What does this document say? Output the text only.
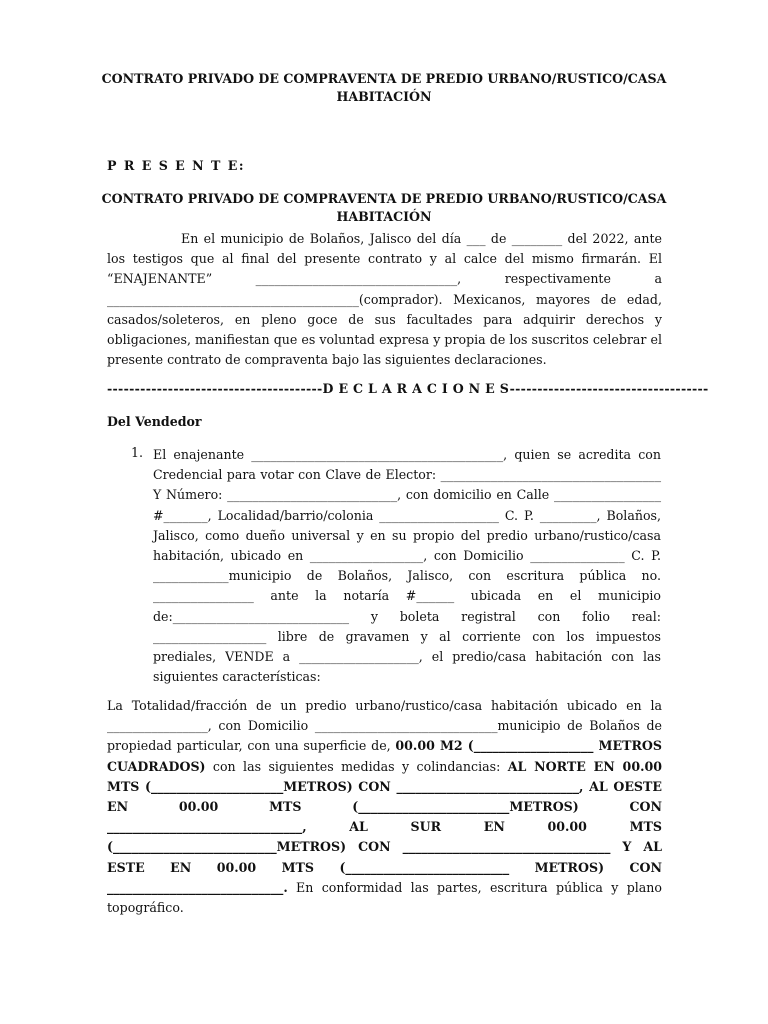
CONTRATO PRIVADO DE COMPRAVENTA DE PREDIO URBANO/RUSTICO/CASA
HABITACIÓN
P R E S E N T E:
CONTRATO PRIVADO DE COMPRAVENTA DE PREDIO URBANO/RUSTICO/CASA
HABITACIÓN

En el municipio de Bolaños, Jalisco del día ___ de ________ del 2022, ante los testigos que al final del presente contrato y al calce del mismo firmarán. El “ENAJENANTE” ________________________________, respectivamente a ________________________________________(comprador). Mexicanos, mayores de edad, casados/soleteros, en pleno goce de sus facultades para adquirir derechos y obligaciones, manifiestan que es voluntad expresa y propia de los suscritos celebrar el presente contrato de compraventa bajo las siguientes declaraciones.

---------------------------------------D E C L A R A C I O N E S------------------------------------
Del Vendedor
1. El enajenante ________________________________________, quien se acredita con Credencial para votar con Clave de Elector: ___________________________________ Y Número: ___________________________, con domicilio en Calle _________________ #_______, Localidad/barrio/colonia ___________________ C. P. _________, Bolaños, Jalisco, como dueño universal y en su propio del predio urbano/rustico/casa habitación, ubicado en __________________, con Domicilio _______________ C. P. ____________municipio de Bolaños, Jalisco, con escritura pública no. ________________ ante la notaría #______ ubicada en el municipio de:____________________________ y boleta registral con folio real: __________________ libre de gravamen y al corriente con los impuestos prediales, VENDE a ___________________, el predio/casa habitación con las siguientes características:

La Totalidad/fracción de un predio urbano/rustico/casa habitación ubicado en la ________________, con Domicilio _____________________________municipio de Bolaños de propiedad particular, con una superficie de, 00.00 M2 (___________________ METROS CUADRADOS) con las siguientes medidas y colindancias: AL NORTE EN 00.00 MTS (_____________________METROS) CON _____________________________, AL OESTE EN 00.00 MTS (________________________METROS) CON _______________________________, AL SUR EN 00.00 MTS (__________________________METROS) CON _________________________________ Y AL ESTE EN 00.00 MTS (__________________________ METROS) CON ____________________________. En conformidad las partes, escritura pública y plano topográfico.
